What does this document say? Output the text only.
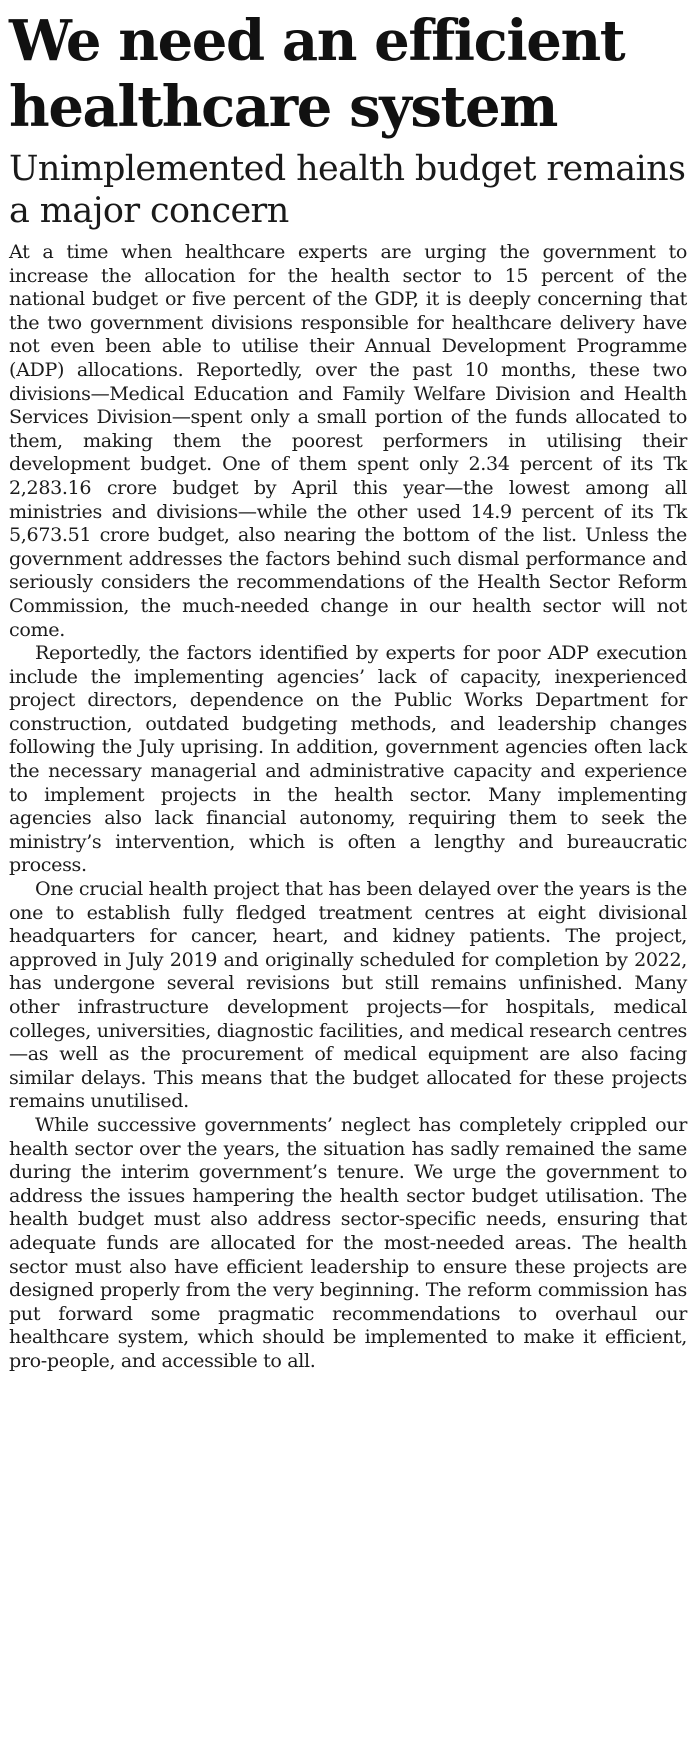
We need an efficient healthcare system
Unimplemented health budget remains a major concern

At a time when healthcare experts are urging the government to increase the allocation for the health sector to 15 percent of the national budget or five percent of the GDP, it is deeply concerning that the two government divisions responsible for healthcare delivery have not even been able to utilise their Annual Development Programme (ADP) allocations. Reportedly, over the past 10 months, these two divisions—Medical Education and Family Welfare Division and Health Services Division—spent only a small portion of the funds allocated to them, making them the poorest performers in utilising their development budget. One of them spent only 2.34 percent of its Tk 2,283.16 crore budget by April this year—the lowest among all ministries and divisions—while the other used 14.9 percent of its Tk 5,673.51 crore budget, also nearing the bottom of the list. Unless the government addresses the factors behind such dismal performance and seriously considers the recommendations of the Health Sector Reform Commission, the much-needed change in our health sector will not come.

Reportedly, the factors identified by experts for poor ADP execution include the implementing agencies’ lack of capacity, inexperienced project directors, dependence on the Public Works Department for construction, outdated budgeting methods, and leadership changes following the July uprising. In addition, government agencies often lack the necessary managerial and administrative capacity and experience to implement projects in the health sector. Many implementing agencies also lack financial autonomy, requiring them to seek the ministry’s intervention, which is often a lengthy and bureaucratic process.

One crucial health project that has been delayed over the years is the one to establish fully fledged treatment centres at eight divisional headquarters for cancer, heart, and kidney patients. The project, approved in July 2019 and originally scheduled for completion by 2022, has undergone several revisions but still remains unfinished. Many other infrastructure development projects—for hospitals, medical colleges, universities, diagnostic facilities, and medical research centres—as well as the procurement of medical equipment are also facing similar delays. This means that the budget allocated for these projects remains unutilised.

While successive governments’ neglect has completely crippled our health sector over the years, the situation has sadly remained the same during the interim government’s tenure. We urge the government to address the issues hampering the health sector budget utilisation. The health budget must also address sector-specific needs, ensuring that adequate funds are allocated for the most-needed areas. The health sector must also have efficient leadership to ensure these projects are designed properly from the very beginning. The reform commission has put forward some pragmatic recommendations to overhaul our healthcare system, which should be implemented to make it efficient, pro-people, and accessible to all.
